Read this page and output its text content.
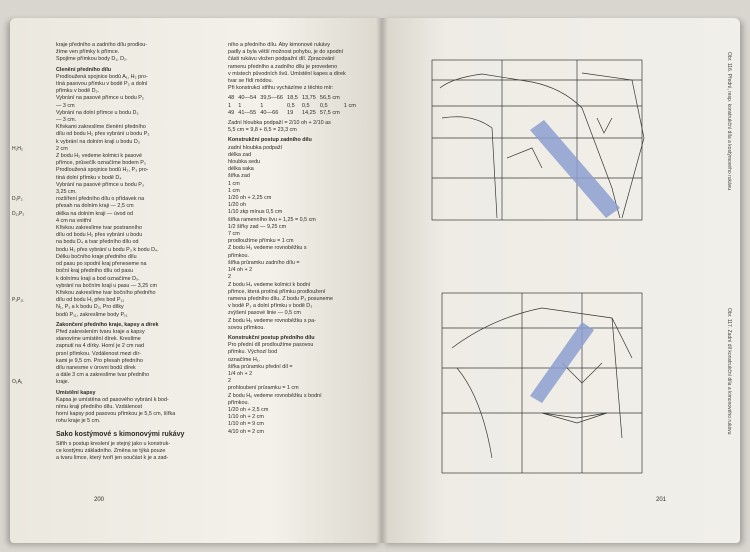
kraje předního a zadního dílu prodlou-
žíme ven přímky k přímce.
Spojíme přímkou body D₁, D₂.
Členění předního dílu
Prodloužená spojnice bodů A₁, H₂ pro-
tíná pasovou přímku v bodě P₂ a dolní
přímku v bodě D₃.
Vybrání na pasové přímce u bodu P₂
— 3 cm
Vybrání na dolní přímce u bodu D₃
— 3 cm.
Křivkami zakreslíme členění předního
dílu od bodu H₂ přes vybrání u bodu P₂
k vybrání na dolním kraji u bodu D₃
2 cm
H₁H₂
Z bodu H₂ vedeme kolmici k pasové
přímce, průsečík označíme bodem P₃
Prodloužená spojnice bodů H₂, P₃ pro-
tíná dolní přímku v bodě D₄
Vybrání na pasové přímce u bodu P₃
3,25 cm.
rozšíření předního dílu o přídavek na
D₁P₂
přesah na dolním kraji — 2,5 cm
délka na dolním kraji — úvod od
D₁₁P₂
4 cm na vnitřní
Křivkou zakreslíme tvar postranního
dílu od bodu H₂ přes vybrání u bodu
na bodu D₄ a tvar předního dílu od
bodu H₂ přes vybrání u bodu P₃ k bodu D₄.
Délku bočního kraje předního dílu
od pasu po spodní kraj přeneseme na
boční kraj předního dílu od pasu
k dolnímu kraji a bod označíme D₅.
vybrání na bočním kraji u pasu — 3,25 cm
Křivkou zakreslíme tvar bočního předního
dílu od bodu H₁ přes bod P₁₁
P₁P₁₁
N₁, P₁ a k bodu D₂, Pro dílky
bodů P₁₁, zakreslíme body P₁₁
Zakončení předního kraje, kapsy a dírek
Před zakreslením tvaru kraje a kapsy
stanovíme umístění dírek. Kreslíme
zapnutí na 4 dírky. Horní je 2 cm nad
prsní přímkou. Vzdálenost mezi dír-
kami je 9,5 cm. Pro přesah předního
dílu nanesme v úrovni bodů dírek
a dále 3 cm a zakreslíme tvar předního
kraje.
O₁A₁
Umístění kapsy
Kapsa je umístěna od pasového vybrání k bod-
nímu kraji předního dílu. Vzdálenost
horní kapsy pod pasovou přímkou je 5,5 cm, šířka
rohu kraje je 5 cm.
Sako kostýmové s kimonovými rukávy
Střih s postup kreslení je stejný jako u konstruk-
ce kostýmu základního. Změna se týká pouze
a tvaru limce, který tvoří jen součást k je a zad-
ního a předního dílu. Aby kimonové rukávy
padly a byla větší možnost pohybu, je do spodní
části rukávu vložen podpažní díl. Zpracování
ramenu předního a zadního dílu je provedeno
v místech původních švů. Umístění kapes a dírek
tvar se řídí módou.
Při konstrukci střihu vycházíme z těchto mír:
48	40—54	39,5—66	18,5	13,75	56,5 cm	
1	1	1	0,5	0,5	0,5	1 cm
49	41—55	40—66	19	14,25	57,5 cm	
Zadní hloubka podpaží = 2/10 oh + 2/10 as
5,5 cm = 9,8 + 8,5 = 23,3 cm
Konstrukční postup zadního dílu
zadní hloubka podpaží
délka zad
hloubka sedu
délka saka
šířka zad
1 cm
1 cm
1/20 oh + 2,25 cm
1/20 oh
1/10 zkp mínus 0,5 cm
šířka ramenního švu + 1,25 = 0,5 cm
1/2 šířky zad — 9,25 cm
7 cm
prodloužíme přímku = 1 cm
Z bodu H₃ vedeme rovnoběžku s
přímkou.
šířka průramku zadního dílu =
1/4 oh + 2
2
Z bodu H₄ vedeme kolmici k bodní
přímce, která protíná přímku prodloužení
ramena předního dílu. Z bodu P₃ posuneme
v bodě P₃ a dolní přímku v bodě D₃
zvýšení pasové linie — 0,5 cm
Z bodu H₅ vedeme rovnoběžku s pa-
sovou přímkou.
Konstrukční postup předního dílu
Pro přední díl prodloužíme pasovou
přímku. Výchozí bod
označíme H₁.
šířka průramku přední díl =
1/4 oh + 2
2
prohloubení průramku = 1 cm
Z bodu H₆ vedeme rovnoběžku s bodní
přímkou.
1/20 oh + 2,5 cm
1/10 oh + 2 cm
1/10 oh = 9 cm
4/10 oh = 2 cm
200
Obr. 116. Přední, resp. konstrukční díla a kostýmového rukávu
Obr. 117. Zadní díl konstrukční díla a kimonového rukávu
201
